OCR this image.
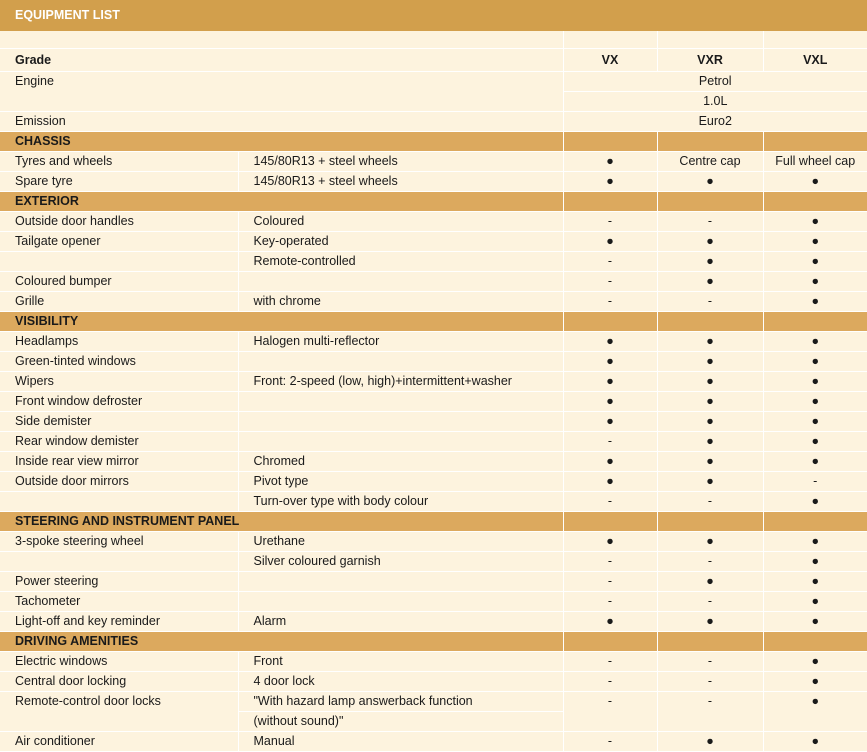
EQUIPMENT LIST

Grade		VX	VXR	VXL
Engine		Petrol		
		1.0L		
Emission		Euro2		
CHASSIS				
Tyres and wheels	145/80R13 + steel wheels	●	Centre cap	Full wheel cap
Spare tyre	145/80R13 + steel wheels	●	●	●
EXTERIOR				
Outside door handles	Coloured	-	-	●
Tailgate opener	Key-operated	●	●	●
	Remote-controlled	-	●	●
Coloured bumper		-	●	●
Grille	with chrome	-	-	●
VISIBILITY				
Headlamps	Halogen multi-reflector	●	●	●
Green-tinted windows		●	●	●
Wipers	Front: 2-speed (low, high)+intermittent+washer	●	●	●
Front window defroster		●	●	●
Side demister		●	●	●
Rear window demister		-	●	●
Inside rear view mirror	Chromed	●	●	●
Outside door mirrors	Pivot type	●	●	-
	Turn-over type with body colour	-	-	●
STEERING AND INSTRUMENT PANEL				
3-spoke steering wheel	Urethane	●	●	●
	Silver coloured garnish	-	-	●
Power steering		-	●	●
Tachometer		-	-	●
Light-off and key reminder	Alarm	●	●	●
DRIVING AMENITIES				
Electric windows	Front	-	-	●
Central door locking	4 door lock	-	-	●
Remote-control door locks	"With hazard lamp answerback function	-	-	●
	(without sound)"			
Air conditioner	Manual	-	●	●
